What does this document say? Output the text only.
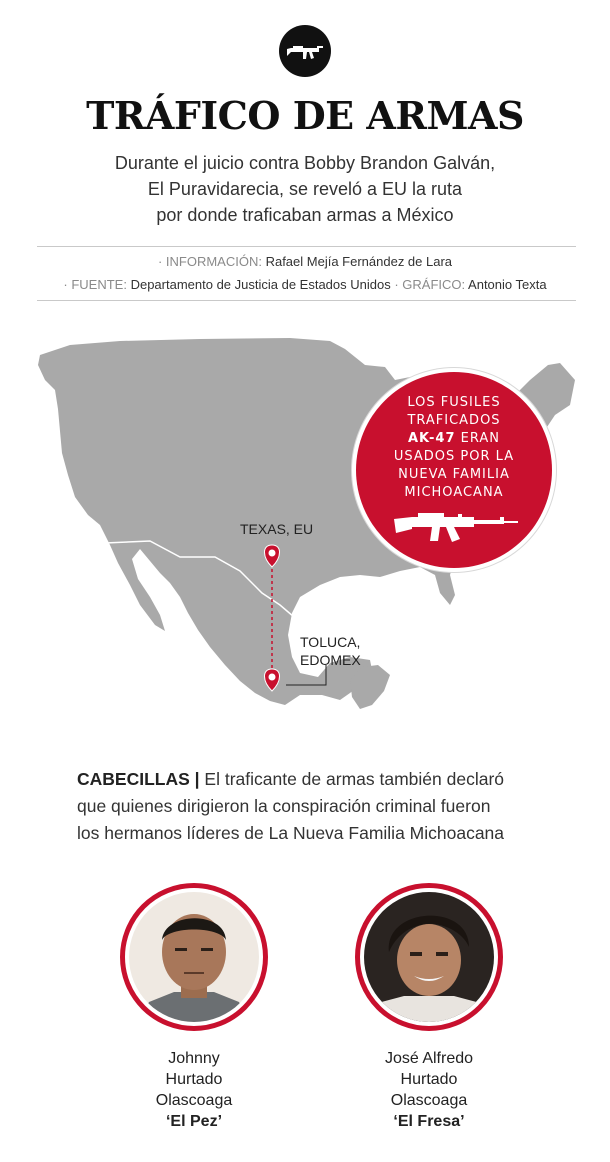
TRÁFICO DE ARMAS
Durante el juicio contra Bobby Brandon Galván,
El Puravidarecia, se reveló a EU la ruta
por donde traficaban armas a México
· INFORMACIÓN: Rafael Mejía Fernández de Lara
· FUENTE: Departamento de Justicia de Estados Unidos · GRÁFICO: Antonio Texta
TEXAS, EU
TOLUCA,
EDOMEX
LOS FUSILES
TRAFICADOS
AK-47 ERAN
USADOS POR LA
NUEVA FAMILIA
MICHOACANA
CABECILLAS | El traficante de armas también declaró
que quienes dirigieron la conspiración criminal fueron
los hermanos líderes de La Nueva Familia Michoacana
Johnny
Hurtado
Olascoaga
‘El Pez’
José Alfredo
Hurtado
Olascoaga
‘El Fresa’
